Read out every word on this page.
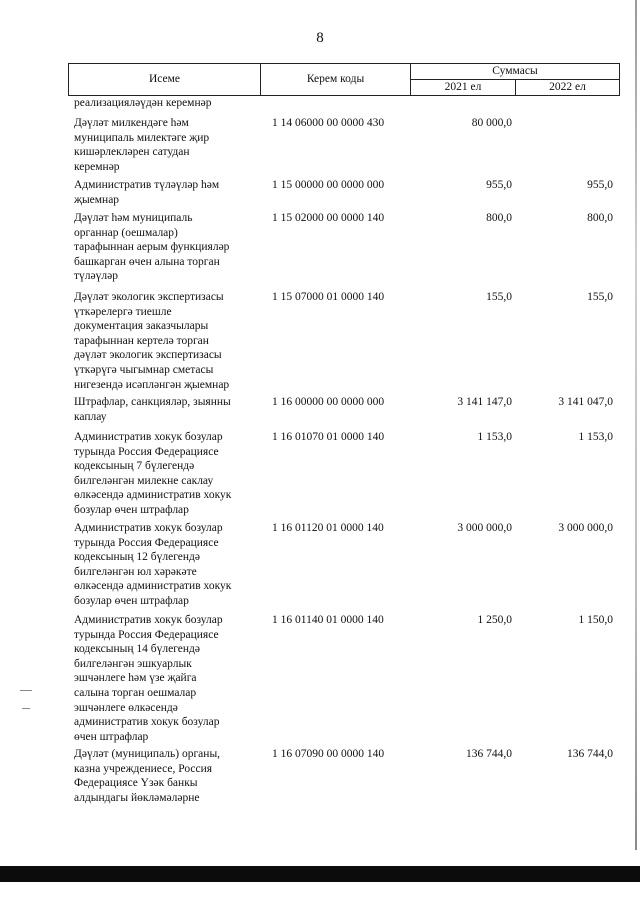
8
Исеме	Керем коды	Суммасы	
		2021 ел	2022 ел
реализацияләүдән керемнәр
Дәүләт милкендәге һәм
муниципаль милектәге җир
кишәрлекләрен сатудан
керемнәр
1 14 06000 00 0000 430	80 000,0
Административ түләүләр һәм
җыемнар
1 15 00000 00 0000 000	955,0	955,0
Дәүләт һәм муниципаль
органнар (оешмалар)
тарафыннан аерым функцияләр
башкарган өчен алына торган
түләүләр
1 15 02000 00 0000 140	800,0	800,0
Дәүләт экологик экспертизасы
үткәрелергә тиешле
документация заказчылары
тарафыннан кертелә торган
дәүләт экологик экспертизасы
үткәрүгә чыгымнар сметасы
нигезендә исәпләнгән җыемнар
1 15 07000 01 0000 140	155,0	155,0
Штрафлар, санкцияләр, зыянны
каплау
1 16 00000 00 0000 000	3 141 147,0	3 141 047,0
Административ хокук бозулар
турында Россия Федерациясе
кодексының 7 бүлегендә
билгеләнгән милекне саклау
өлкәсендә административ хокук
бозулар өчен штрафлар
1 16 01070 01 0000 140	1 153,0	1 153,0
Административ хокук бозулар
турында Россия Федерациясе
кодексының 12 бүлегендә
билгеләнгән юл хәрәкәте
өлкәсендә административ хокук
бозулар өчен штрафлар
1 16 01120 01 0000 140	3 000 000,0	3 000 000,0
Административ хокук бозулар
турында Россия Федерациясе
кодексының 14 бүлегендә
билгеләнгән эшкуарлык
эшчәнлеге һәм үзе җайга
салына торган оешмалар
эшчәнлеге өлкәсендә
административ хокук бозулар
өчен штрафлар
1 16 01140 01 0000 140	1 250,0	1 150,0
Дәүләт (муниципаль) органы,
казна учреждениесе, Россия
Федерациясе Үзәк банкы
алдындагы йөкләмәләрне
1 16 07090 00 0000 140	136 744,0	136 744,0
